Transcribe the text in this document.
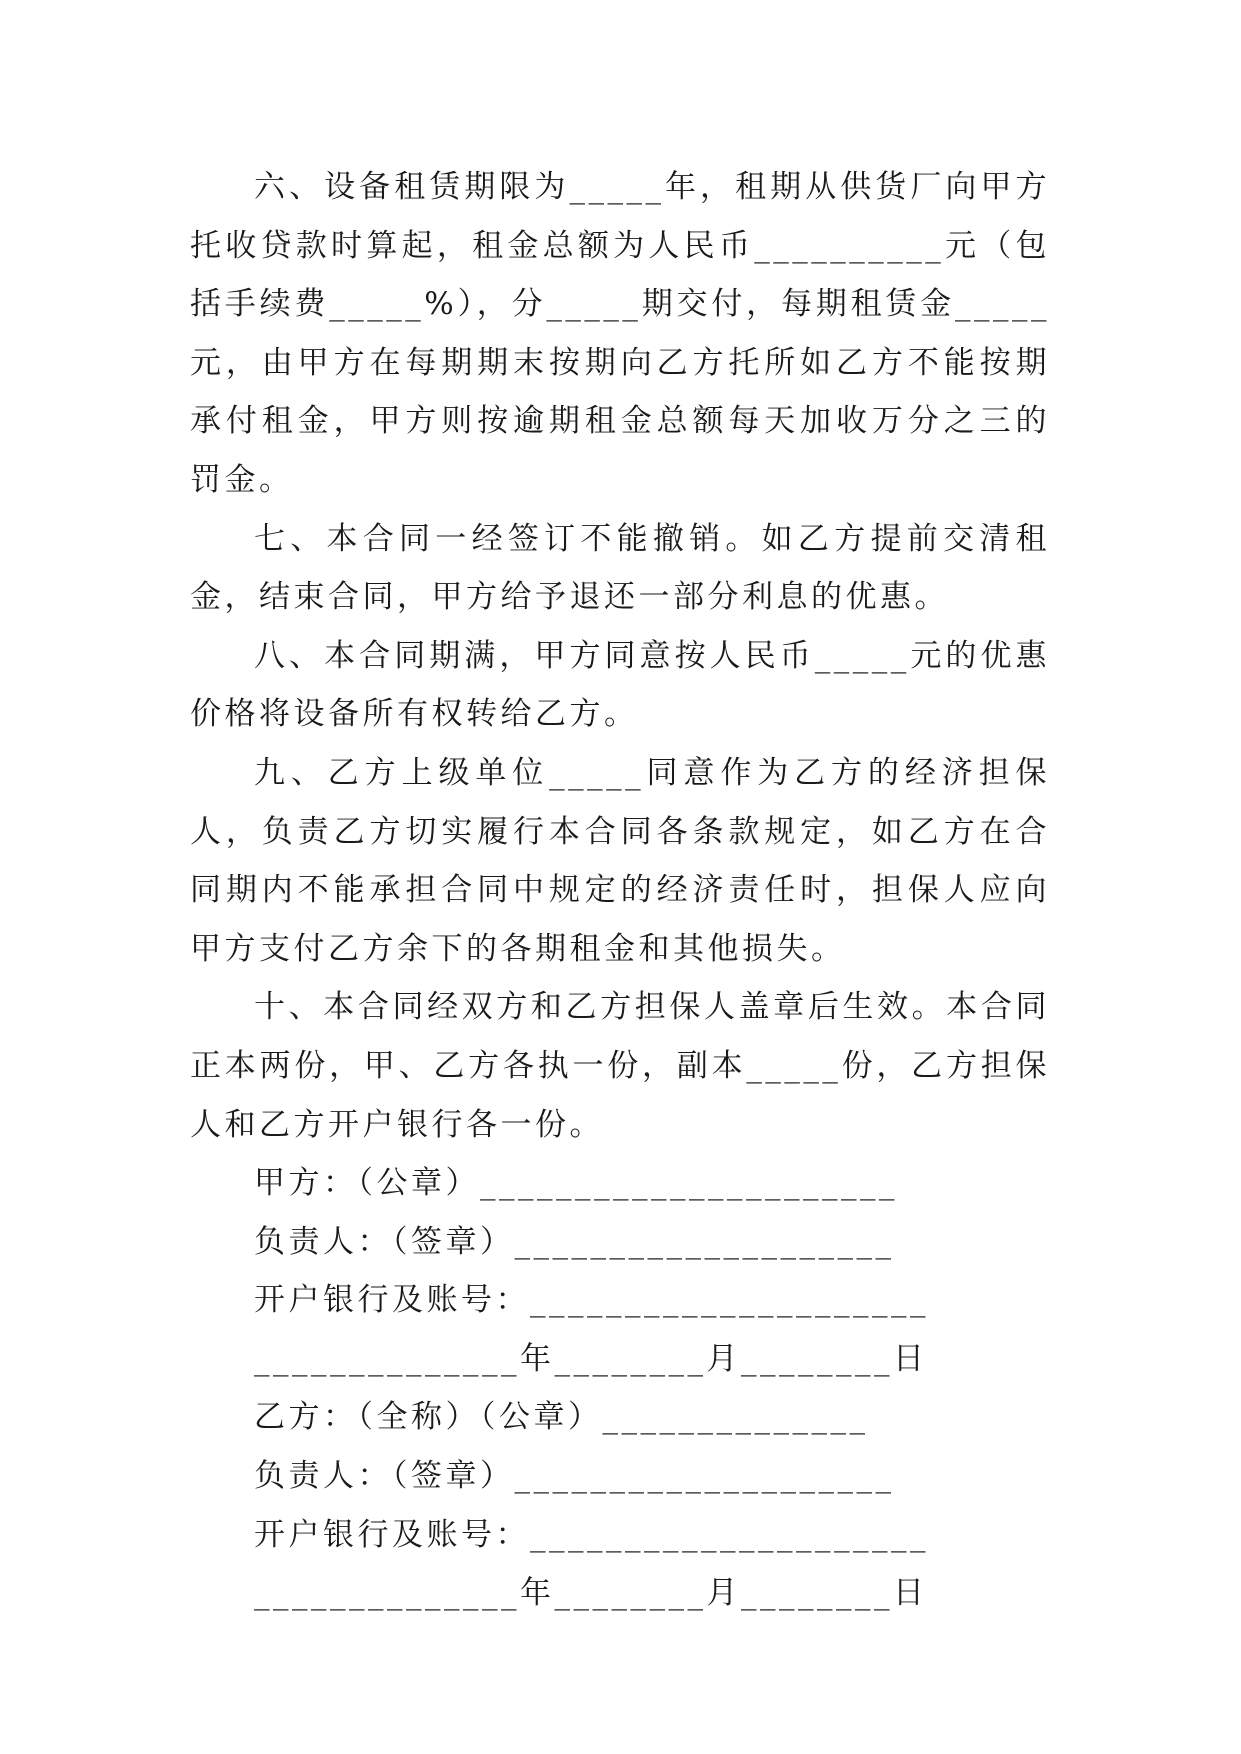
六、设备租赁期限为_____年，租期从供货厂向甲方托收贷款时算起，租金总额为人民币__________元（包括手续费_____%），分_____期交付，每期租赁金_____元，由甲方在每期期末按期向乙方托所如乙方不能按期承付租金，甲方则按逾期租金总额每天加收万分之三的罚金。

七、本合同一经签订不能撤销。如乙方提前交清租金，结束合同，甲方给予退还一部分利息的优惠。

八、本合同期满，甲方同意按人民币_____元的优惠价格将设备所有权转给乙方。

九、乙方上级单位_____同意作为乙方的经济担保人，负责乙方切实履行本合同各条款规定，如乙方在合同期内不能承担合同中规定的经济责任时，担保人应向甲方支付乙方余下的各期租金和其他损失。

十、本合同经双方和乙方担保人盖章后生效。本合同正本两份，甲、乙方各执一份，副本_____份，乙方担保人和乙方开户银行各一份。

甲方：（公章）______________________

负责人：（签章）____________________

开户银行及账号：_____________________

______________年________月________日

乙方：（全称）（公章）______________

负责人：（签章）____________________

开户银行及账号：_____________________

______________年________月________日
